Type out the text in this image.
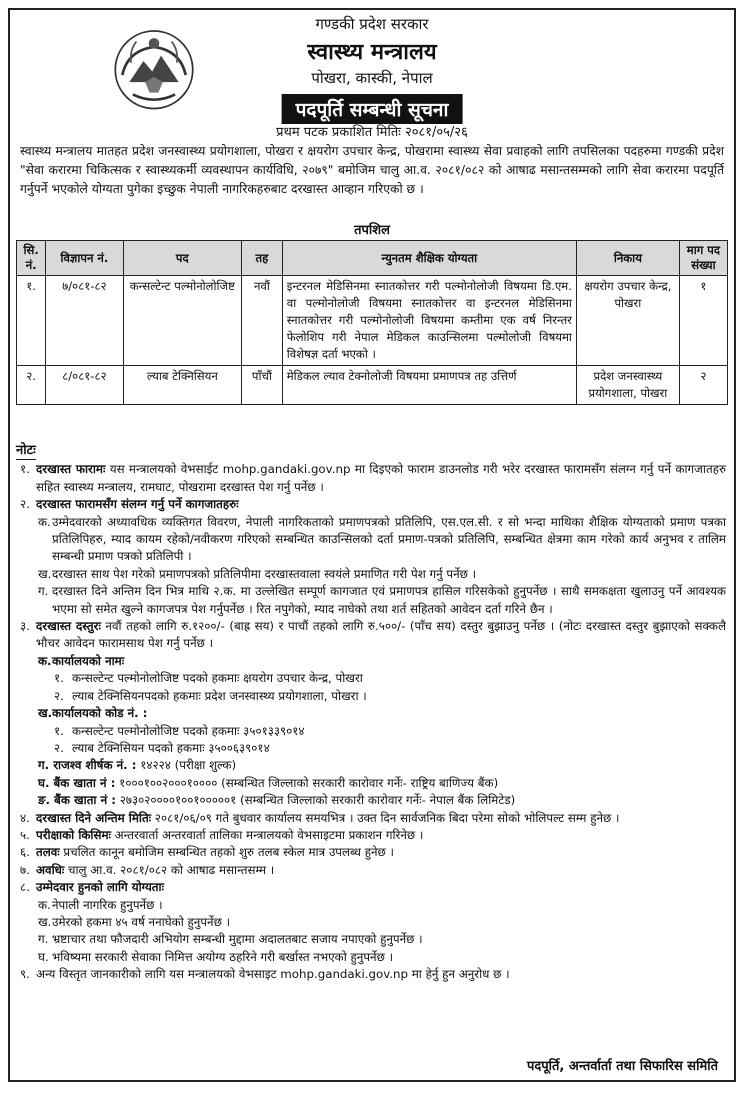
गण्डकी प्रदेश सरकार
स्वास्थ्य मन्त्रालय
पोखरा, कास्की, नेपाल
पदपूर्ति सम्बन्धी सूचना
प्रथम पटक प्रकाशित मितिः २०८१/०५/२६
स्वास्थ्य मन्त्रालय मातहत प्रदेश जनस्वास्थ्य प्रयोगशाला, पोखरा र क्षयरोग उपचार केन्द्र, पोखरामा स्वास्थ्य सेवा प्रवाहको लागि तपसिलका पदहरुमा गण्डकी प्रदेश "सेवा करारमा चिकित्सक र स्वास्थ्यकर्मी व्यवस्थापन कार्यविधि, २०७९" बमोजिम चालु आ.व. २०८१/०८२ को आषाढ मसान्तसम्मको लागि सेवा करारमा पदपूर्ति गर्नुपर्ने भएकोले योग्यता पुगेका इच्छुक नेपाली नागरिकहरुबाट दरखास्त आव्हान गरिएको छ ।
तपशिल
सि. नं.	विज्ञापन नं.	पद	तह	न्युनतम शैक्षिक योग्यता	निकाय	माग पद संख्या
१.	७/०८१-८२	कन्सल्टेन्ट पल्मोनोलोजिष्ट	नवौं	इन्टरनल मेडिसिनमा स्नातकोत्तर गरी पल्मोनोलोजी विषयमा डि.एम. वा पल्मोनोलोजी विषयमा स्नातकोत्तर वा इन्टरनल मेडिसिनमा स्नातकोत्तर गरी पल्मोनोलोजी विषयमा कम्तीमा एक वर्ष निरन्तर फेलोशिप गरी नेपाल मेडिकल काउन्सिलमा पल्मोलोजी विषयमा विशेषज्ञ दर्ता भएको ।	क्षयरोग उपचार केन्द्र, पोखरा	१
२.	८/०८१-८२	ल्याब टेक्निसियन	पाँचौं	मेडिकल ल्याव टेक्नोलोजी विषयमा प्रमाणपत्र तह उत्तिर्ण	प्रदेश जनस्वास्थ्य प्रयोगशाला, पोखरा	२
नोटः
१. दरखास्त फारामः यस मन्त्रालयको वेभसाईट mohp.gandaki.gov.np मा दिइएको फाराम डाउनलोड गरी भरेर दरखास्त फारामसँग संलग्न गर्नु पर्ने कागजातहरु सहित स्वास्थ्य मन्त्रालय, रामघाट, पोखरामा दरखास्त पेश गर्नु पर्नेछ ।
२. दरखास्त फारामसँग संलग्न गर्नु पर्ने कागजातहरुः
क. उम्मेदवारको अध्यावधिक व्यक्तिगत विवरण, नेपाली नागरिकताको प्रमाणपत्रको प्रतिलिपि, एस.एल.सी. र सो भन्दा माथिका शैक्षिक योग्यताको प्रमाण पत्रका प्रतिलिपिहरु, म्याद कायम रहेको/नवीकरण गरिएको सम्बन्धित काउन्सिलको दर्ता प्रमाण-पत्रको प्रतिलिपि, सम्बन्धित क्षेत्रमा काम गरेको कार्य अनुभव र तालिम सम्बन्धी प्रमाण पत्रको प्रतिलिपी ।
ख. दरखास्त साथ पेश गरेको प्रमाणपत्रको प्रतिलिपीमा दरखास्तवाला स्वयंले प्रमाणित गरी पेश गर्नु पर्नेछ ।
ग. दरखास्त दिने अन्तिम दिन भित्र माथि २.क. मा उल्लेखित सम्पूर्ण कागजात एवं प्रमाणपत्र हासिल गरिसकेको हुनुपर्नेछ । साथै समकक्षता खुलाउनु पर्ने आवश्यक भएमा सो समेत खुल्ने कागजपत्र पेश गर्नुपर्नेछ । रित नपुगेको, म्याद नाघेको तथा शर्त सहितको आवेदन दर्ता गरिने छैन ।
३. दरखास्त दस्तुरः नवौं तहको लागि रु.१२००/- (बाह्र सय) र पाचौं तहको लागि रु.५००/- (पाँच सय) दस्तुर बुझाउनु पर्नेछ । (नोटः दरखास्त दस्तुर बुझाएको सक्कलै भौचर आवेदन फारामसाथ पेश गर्नु पर्नेछ ।
क. कार्यालयको नामः
१. कन्सल्टेन्ट पल्मोनोलोजिष्ट पदको हकमाः क्षयरोग उपचार केन्द्र, पोखरा
२. ल्याब टेक्निसियनपदको हकमाः प्रदेश जनस्वास्थ्य प्रयोगशाला, पोखरा ।
ख. कार्यालयको कोड नं. :
१. कन्सल्टेन्ट पल्मोनोलोजिष्ट पदको हकमाः ३५०१३३९०१४
२. ल्याब टेक्निसियन पदको हकमाः ३५००६३९०१४
ग. राजश्व शीर्षक नं. : १४२२४ (परीक्षा शुल्क)
घ. बैंक खाता नं : १०००१००२०००१०००० (सम्बन्धित जिल्लाको सरकारी कारोवार गर्नेः- राष्ट्रिय बाणिज्य बैंक)
ङ. बैंक खाता नं : २७३०२००००१००१०००००१ (सम्बन्धित जिल्लाको सरकारी कारोवार गर्नेः- नेपाल बैंक लिमिटेड)
४. दरखास्त दिने अन्तिम मितिः २०८१/०६/०९ गते बुधवार कार्यालय समयभित्र । उक्त दिन सार्वजनिक बिदा परेमा सोको भोलिपल्ट सम्म हुनेछ ।
५. परीक्षाको किसिमः अन्तरवार्ता अन्तरवार्ता तालिका मन्त्रालयको वेभसाइटमा प्रकाशन गरिनेछ ।
६. तलवः प्रचलित कानून बमोजिम सम्बन्धित तहको शुरु तलब स्केल मात्र उपलब्ध हुनेछ ।
७. अवधिः चालु आ.व. २०८१/०८२ को आषाढ मसान्तसम्म ।
८. उम्मेदवार हुनको लागि योग्यताः
क. नेपाली नागरिक हुनुपर्नेछ ।
ख. उमेरको हकमा ४५ वर्ष ननाघेको हुनुपर्नेछ ।
ग. भ्रष्टाचार तथा फौजदारी अभियोग सम्बन्धी मुद्दामा अदालतबाट सजाय नपाएको हुनुपर्नेछ ।
घ. भविष्यमा सरकारी सेवाका निमित्त अयोग्य ठहरिने गरी बर्खास्त नभएको हुनुपर्नेछ ।
९. अन्य विस्तृत जानकारीको लागि यस मन्त्रालयको वेभसाइट mohp.gandaki.gov.np मा हेर्नु हुन अनुरोध छ ।
पदपूर्ति, अन्तर्वार्ता तथा सिफारिस समिति
